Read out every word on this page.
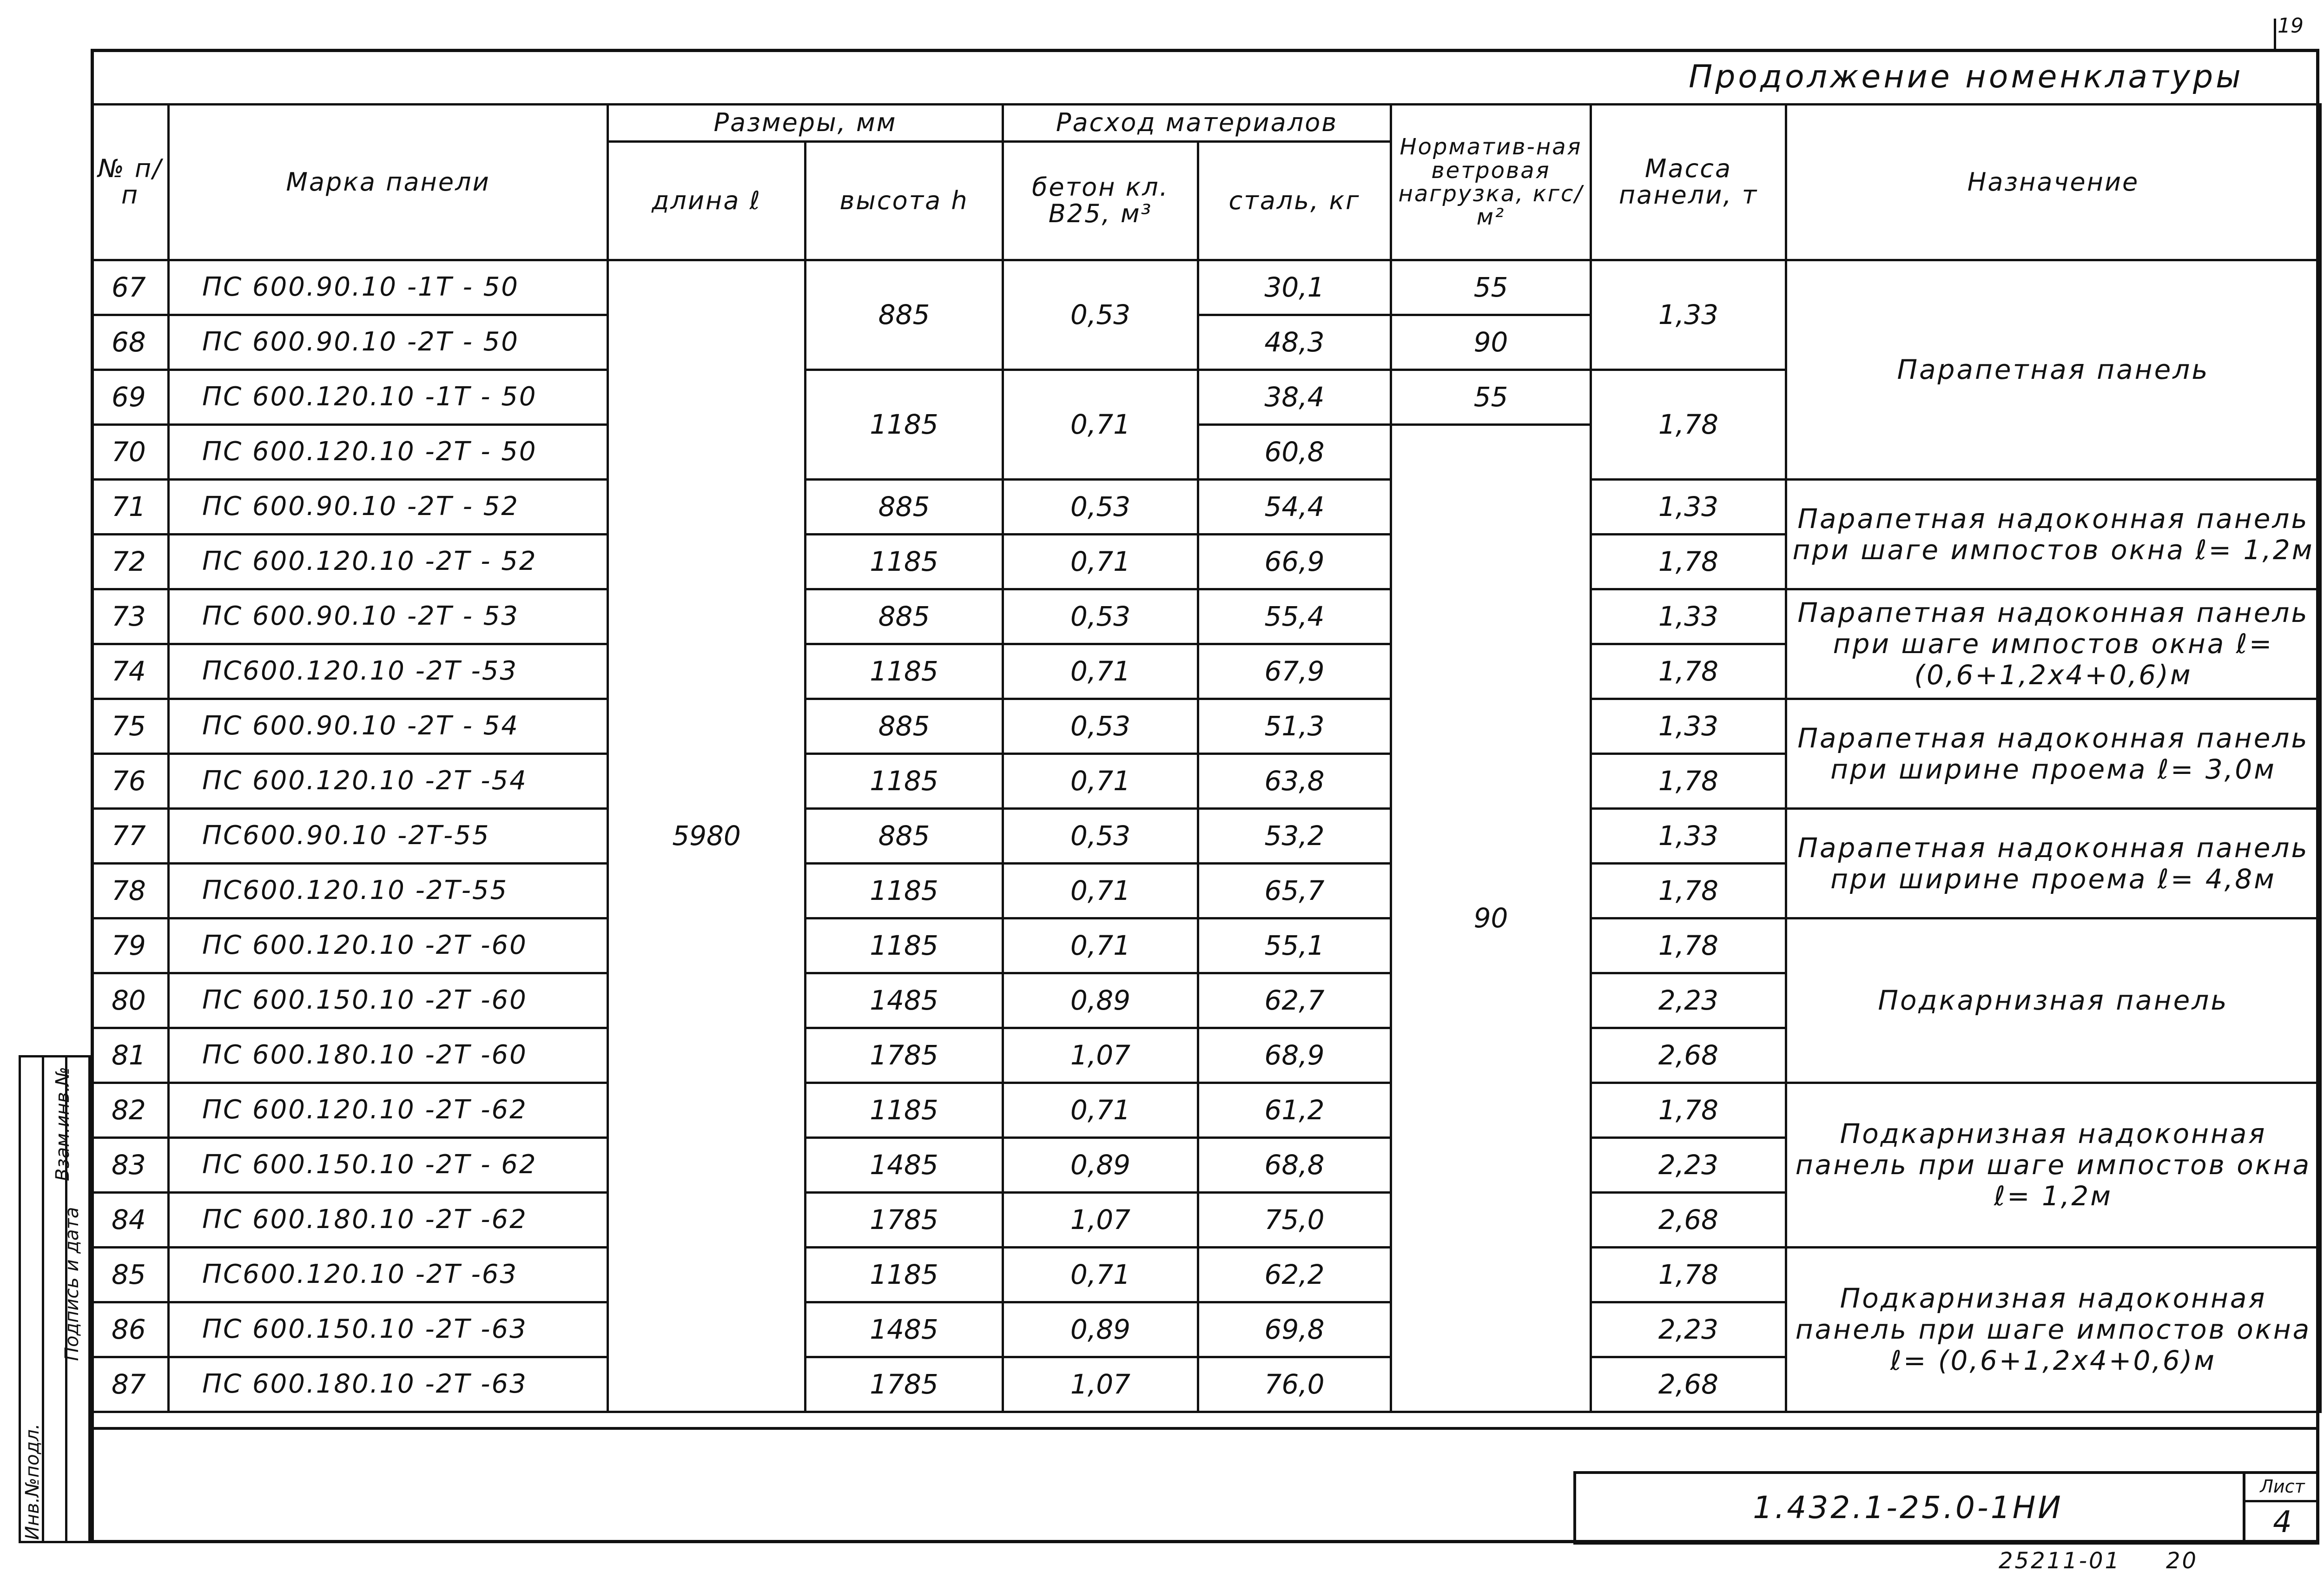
19
Продолжение номенклатуры
№ п/п	Марка панели	Размеры, мм		Расход материалов		Норматив-ная ветровая нагрузка, кгс/м²	Масса панели, т	Назначение
		длина ℓ	высота h	бетон кл. В25, м³	сталь, кг			
67	ПС 600.90.10 -1Т - 50	5980	885	0,53	30,1	55	1,33	Парапетная панель
68	ПС 600.90.10 -2Т - 50				48,3	90		
69	ПС 600.120.10 -1Т - 50		1185	0,71	38,4	55	1,78	
70	ПС 600.120.10 -2Т - 50				60,8	90		
71	ПС 600.90.10 -2Т - 52		885	0,53	54,4		1,33	Парапетная надоконная панель при шаге импостов окна ℓ= 1,2м
72	ПС 600.120.10 -2Т - 52		1185	0,71	66,9		1,78	
73	ПС 600.90.10 -2Т - 53		885	0,53	55,4		1,33	Парапетная надоконная панель при шаге импостов окна ℓ= (0,6+1,2х4+0,6)м
74	ПС600.120.10 -2Т -53		1185	0,71	67,9		1,78	
75	ПС 600.90.10 -2Т - 54		885	0,53	51,3		1,33	Парапетная надоконная панель при ширине проема ℓ= 3,0м
76	ПС 600.120.10 -2Т -54		1185	0,71	63,8		1,78	
77	ПС600.90.10 -2Т-55		885	0,53	53,2		1,33	Парапетная надоконная панель при ширине проема ℓ= 4,8м
78	ПС600.120.10 -2Т-55		1185	0,71	65,7		1,78	
79	ПС 600.120.10 -2Т -60		1185	0,71	55,1		1,78	Подкарнизная панель
80	ПС 600.150.10 -2Т -60		1485	0,89	62,7		2,23	
81	ПС 600.180.10 -2Т -60		1785	1,07	68,9		2,68	
82	ПС 600.120.10 -2Т -62		1185	0,71	61,2		1,78	Подкарнизная надоконная панель при шаге импостов окна ℓ= 1,2м
83	ПС 600.150.10 -2Т - 62		1485	0,89	68,8		2,23	
84	ПС 600.180.10 -2Т -62		1785	1,07	75,0		2,68	
85	ПС600.120.10 -2Т -63		1185	0,71	62,2		1,78	Подкарнизная надоконная панель при шаге импостов окна ℓ= (0,6+1,2х4+0,6)м
86	ПС 600.150.10 -2Т -63		1485	0,89	69,8		2,23	
87	ПС 600.180.10 -2Т -63		1785	1,07	76,0		2,68	
1.432.1-25.0-1НИ
Лист
4
25211-01 20
Инв.№подл.
Подпись и дата
Взам.инв.№
